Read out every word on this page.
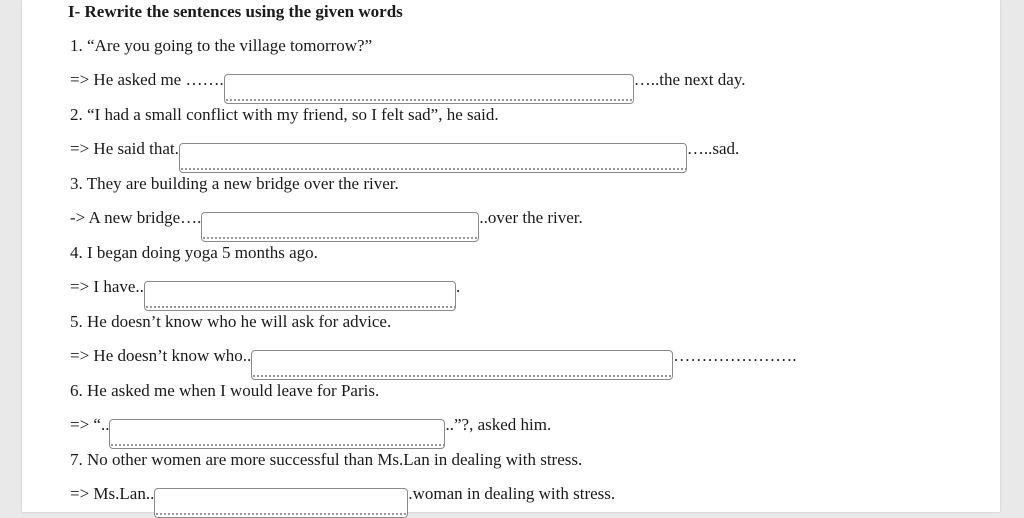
I- Rewrite the sentences using the given words
1. “Are you going to the village tomorrow?”
=> He asked me …….	…..the next day.
2. “I had a small conflict with my friend, so I felt sad”, he said.
=> He said that.	…..sad.
3. They are building a new bridge over the river.
-> A new bridge….	..over the river.
4. I began doing yoga 5 months ago.
=> I have..	.
5. He doesn’t know who he will ask for advice.
=> He doesn’t know who..	………………….
6. He asked me when I would leave for Paris.
=> “..	..”?, asked him.
7. No other women are more successful than Ms.Lan in dealing with stress.
=> Ms.Lan..	.woman in dealing with stress.
